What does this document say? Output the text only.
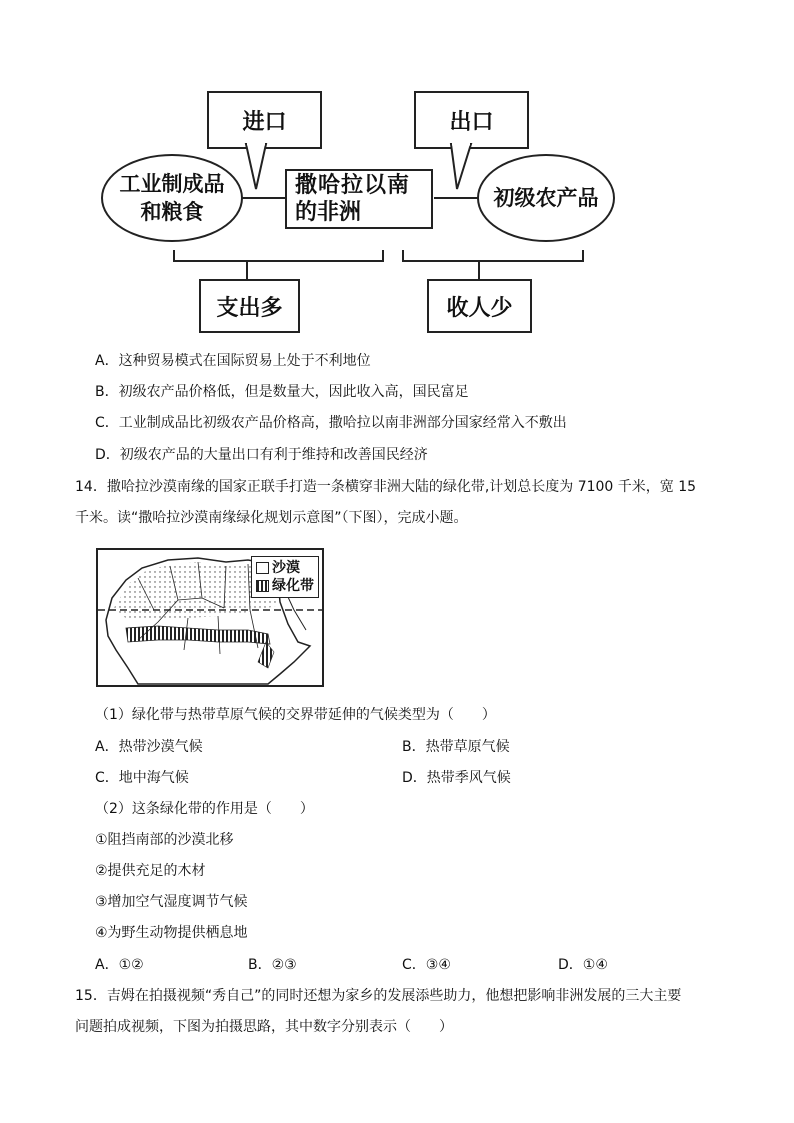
进口	出口
工业制成品
和粮食
撒哈拉以南
的非洲
初级农产品
支出多	收人少
A．这种贸易模式在国际贸易上处于不利地位
B．初级农产品价格低，但是数量大，因此收入高，国民富足
C．工业制成品比初级农产品价格高，撒哈拉以南非洲部分国家经常入不敷出
D．初级农产品的大量出口有利于维持和改善国民经济
14．撒哈拉沙漠南缘的国家正联手打造一条横穿非洲大陆的绿化带,计划总长度为 7100 千米，宽 15
千米。读“撒哈拉沙漠南缘绿化规划示意图”（下图），完成小题。
沙漠
绿化带
（1）绿化带与热带草原气候的交界带延伸的气候类型为（　　）
A．热带沙漠气候	B．热带草原气候
C．地中海气候	D．热带季风气候
（2）这条绿化带的作用是（　　）
①阻挡南部的沙漠北移
②提供充足的木材
③增加空气湿度调节气候
④为野生动物提供栖息地
A．①②	B．②③	C．③④	D．①④
15．吉姆在拍摄视频“秀自己”的同时还想为家乡的发展添些助力，他想把影响非洲发展的三大主要
问题拍成视频，下图为拍摄思路，其中数字分别表示（　　）
